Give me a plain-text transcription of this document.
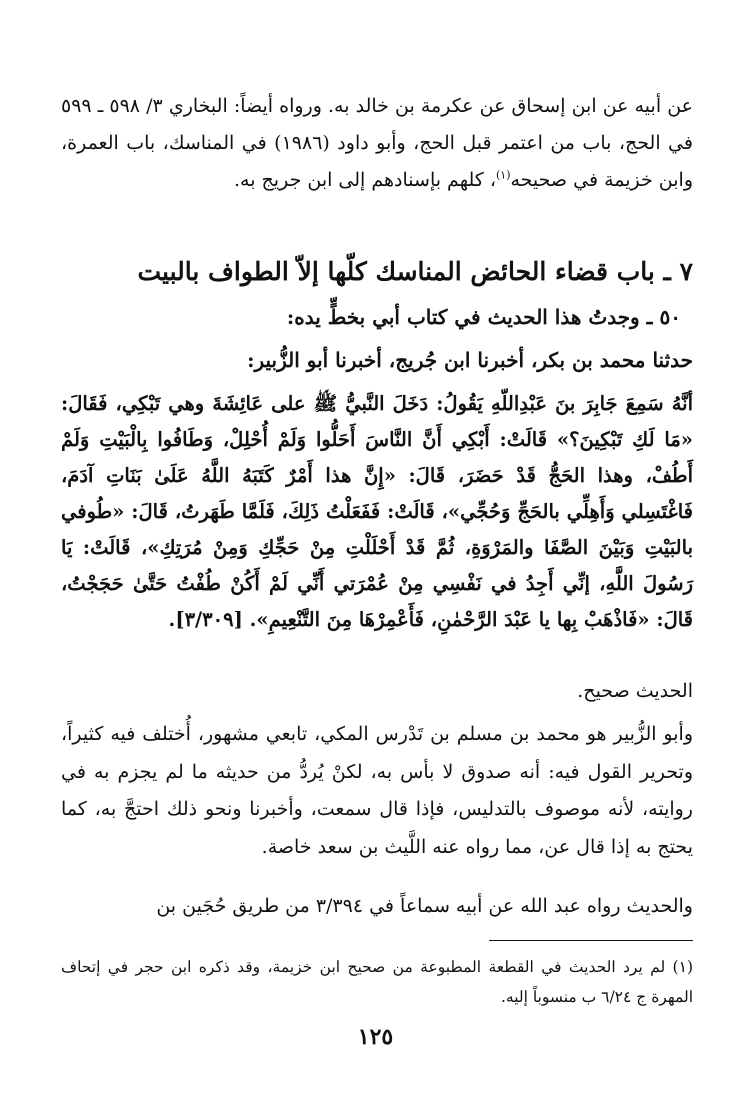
عن أبيه عن ابن إسحاق عن عكرمة بن خالد به. ورواه أيضاً: البخاري ٣/ ٥٩٨ ـ ٥٩٩ في الحج، باب من اعتمر قبل الحج، وأبو داود (١٩٨٦) في المناسك، باب العمرة، وابن خزيمة في صحيحه$^{(١)}$، كلهم بإسنادهم إلى ابن جريج به.

٧ ـ باب قضاء الحائض المناسك كلّها إلاّ الطواف بالبيت

٥٠ ـ وجدتُ هذا الحديث في كتاب أبي بخطٍّ يده:

حدثنا محمد بن بكر، أخبرنا ابن جُريج، أخبرنا أبو الزُّبير:

أنَّهُ سَمِعَ جَابِرَ بنَ عَبْدِاللّهِ يَقُولُ: دَخَلَ النَّبيُّ ﷺ على عَائِشَةَ وهي تَبْكِي، فَقَالَ: «مَا لَكِ تَبْكِينَ؟» قَالَتْ: أَبْكِي أَنَّ النَّاسَ أَحَلُّوا وَلَمْ أُحْلِلْ، وَطَافُوا بِالْبَيْتِ وَلَمْ أَطُفْ، وهذا الحَجُّ قَدْ حَضَرَ، قَالَ: «إِنَّ هذا أَمْرٌ كَتَبَهُ اللَّهُ عَلَىٰ بَنَاتِ آدَمَ، فَاغْتَسِلي وَأَهِلِّي بالحَجِّ وَحُجِّي»، قَالَتْ: فَفَعَلْتُ ذَلِكَ، فَلَمَّا طَهَرتُ، قَالَ: «طُوفي بالبَيْتِ وَبَيْنَ الصَّفَا والمَرْوَةِ، ثُمَّ قَدْ أَحْلَلْتِ مِنْ حَجِّكِ وَمِنْ مُرَتِكِ»، قَالَتْ: يَا رَسُولَ اللَّهِ، إنِّي أَجِدُ في نَفْسِي مِنْ عُمْرَتي أَنِّي لَمْ أَكُنْ طُفْتُ حَتَّىٰ حَجَجْتُ، قَالَ: «فَاذْهَبْ بِها يا عَبْدَ الرَّحْمٰنِ، فَأَعْمِرْهَا مِنَ التَّنْعِيمِ». [٣/٣٠٩].

الحديث صحيح.

وأبو الزُّبير هو محمد بن مسلم بن تَدْرس المكي، تابعي مشهور، أُختلف فيه كثيراً، وتحرير القول فيه: أنه صدوق لا بأس به، لكنْ يُردُّ من حديثه ما لم يجزم به في روايته، لأنه موصوف بالتدليس، فإذا قال سمعت، وأخبرنا ونحو ذلك احتجَّ به، كما يحتج به إذا قال عن، مما رواه عنه اللَّيث بن سعد خاصة.

والحديث رواه عبد الله عن أبيه سماعاً في ٣/٣٩٤ من طريق حُجَين بن

(١) لم يرد الحديث في القطعة المطبوعة من صحيح ابن خزيمة، وقد ذكره ابن حجر في إتحاف المهرة ج ٦/٢٤ ب منسوباً إليه.

١٢٥
